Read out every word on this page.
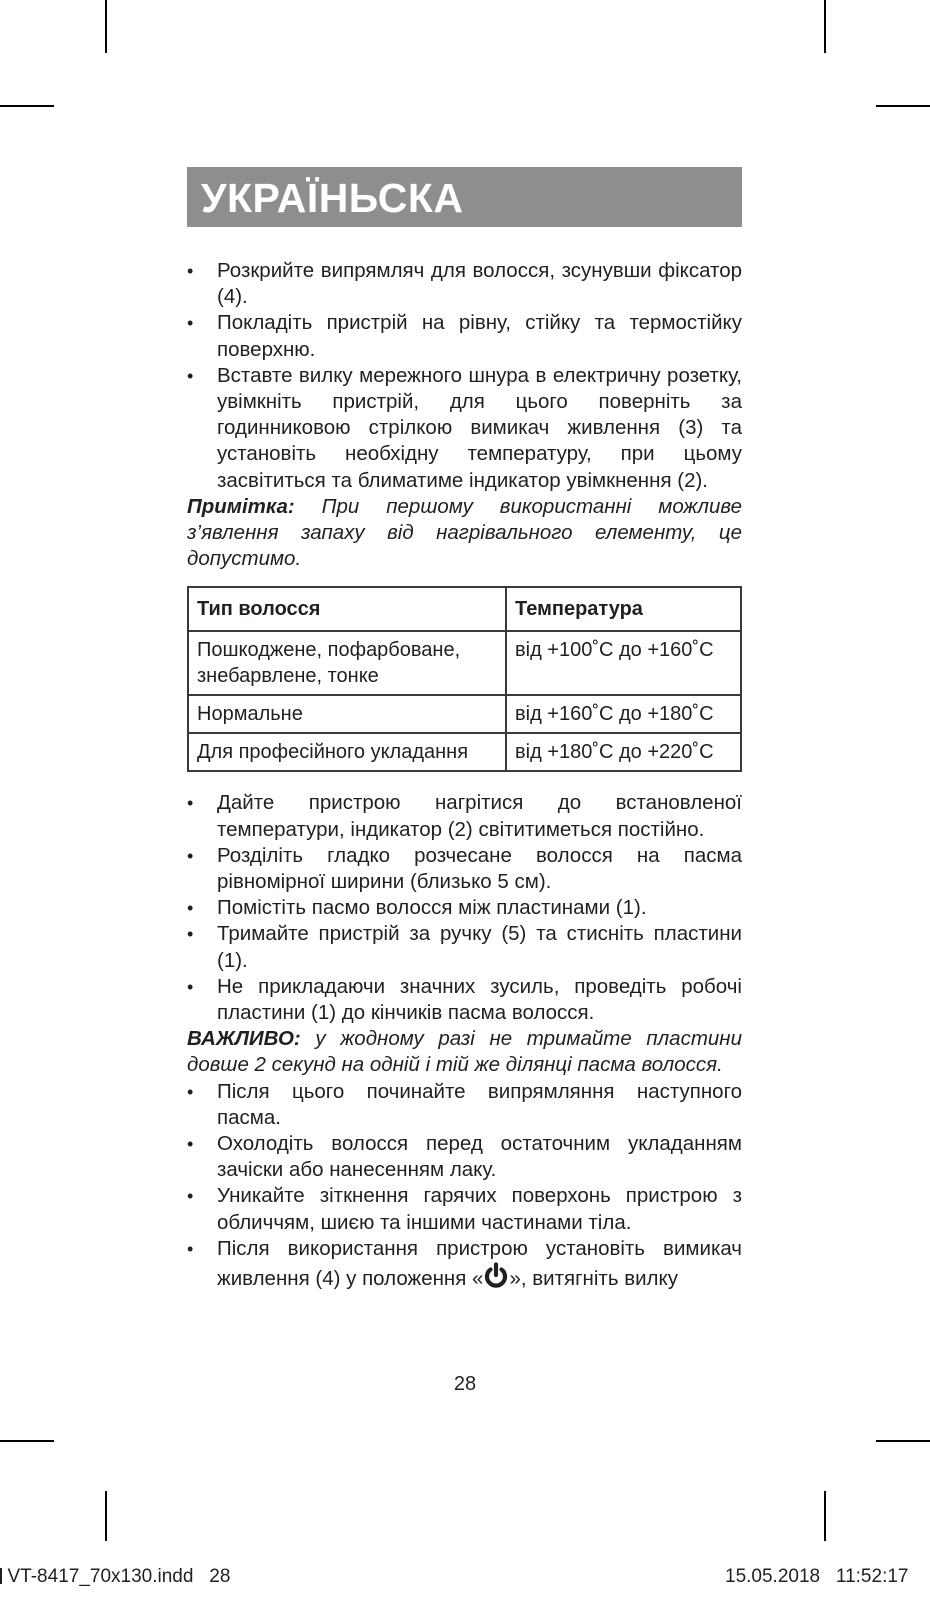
УКРАЇНЬСКА
•	Розкрийте випрямляч для волосся, зсунувши фіксатор (4).
•	Покладіть пристрій на рівну, стійку та термостійку поверхню.
•	Вставте вилку мережного шнура в електричну розетку, увімкніть пристрій, для цього поверніть за годинниковою стрілкою вимикач живлення (3) та установіть необхідну температуру, при цьому засвітиться та блиматиме індикатор увімкнення (2).

Примітка: При першому використанні можливе з’явлення запаху від нагрівального елементу, це допустимо.

Тип волосся	Температура
Пошкоджене, пофарбоване, знебарвлене, тонке	від +100˚С до +160˚С
Нормальне	від +160˚С до +180˚С
Для професійного укладання	від +180˚С до +220˚С
•	Дайте пристрою нагрітися до встановленої температури, індикатор (2) світитиметься постійно.
•	Розділіть гладко розчесане волосся на пасма рівномірної ширини (близько 5 см).
•	Помістіть пасмо волосся між пластинами (1).
•	Тримайте пристрій за ручку (5) та стисніть пластини (1).
•	Не прикладаючи значних зусиль, проведіть робочі пластини (1) до кінчиків пасма волосся.

ВАЖЛИВО: у жодному разі не тримайте пластини довше 2 секунд на одній і тій же ділянці пасма волосся.

•	Після цього починайте випрямляння наступного пасма.
•	Охолодіть волосся перед остаточним укладанням зачіски або нанесенням лаку.
•	Уникайте зіткнення гарячих поверхонь пристрою з обличчям, шиєю та іншими частинами тіла.
•	Після використання пристрою установіть вимикач живлення (4) у положення « », витягніть вилку
28
VT-8417_70x130.indd   28	15.05.2018   11:52:17
